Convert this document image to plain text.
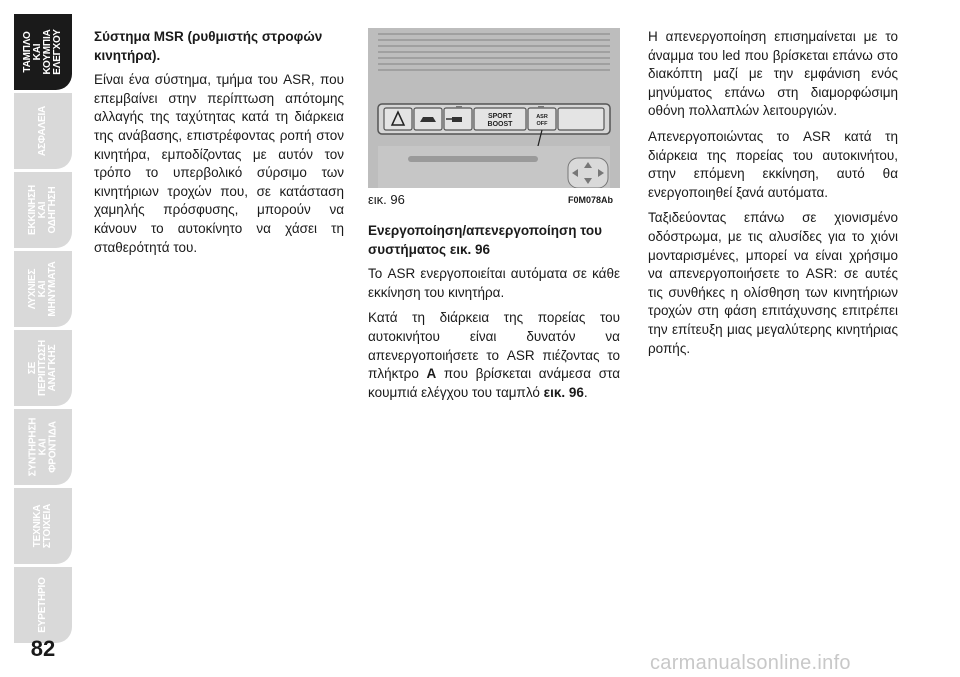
ΤΑΜΠΛΟ ΚΑΙ
ΚΟΥΜΠΙΑ
ΕΛΕΓΧΟΥ
ΑΣΦΑΛΕΙΑ
ΕΚΚΙΝΗΣΗ
ΚΑΙ ΟΔΗΓΗΣΗ
ΛΥΧΝΙΕΣ ΚΑΙ
ΜΗΝΥΜΑΤΑ
ΣΕ
ΠΕΡΙΠΤΩΣΗ
ΑΝΑΓΚΗΣ
ΣΥΝΤΗΡΗΣΗ
ΚΑΙ ΦΡΟΝΤΙΔΑ
ΤΕΧΝΙΚΑ
ΣΤΟΙΧΕΙΑ
ΕΥΡΕΤΗΡΙΟ
82
Σύστημα MSR (ρυθμιστής στροφών κινητήρα).

Είναι ένα σύστημα, τμήμα του ASR, που επεμβαίνει στην περίπτωση απότομης αλλαγής της ταχύτητας κατά τη διάρκεια της ανάβασης, επιστρέφοντας ροπή στον κινητήρα, εμποδίζοντας με αυτόν τον τρόπο το υπερβολικό σύρσιμο των κινητήριων τροχών που, σε κατάσταση χαμηλής πρόσφυσης, μπορούν να κάνουν το αυτοκίνητο να χάσει τη σταθερότητά του.

SPORT
BOOST
ASR
OFF
εικ. 96	F0M078Ab
Ενεργοποίηση/απενεργοποίηση του συστήματος εικ. 96

Το ASR ενεργοποιείται αυτόματα σε κάθε εκκίνηση του κινητήρα.

Κατά τη διάρκεια της πορείας του αυτοκινήτου είναι δυνατόν να απενεργοποιήσετε το ASR πιέζοντας το πλήκτρο A που βρίσκεται ανάμεσα στα κουμπιά ελέγχου του ταμπλό εικ. 96.

Η απενεργοποίηση επισημαίνεται με το άναμμα του led που βρίσκεται επάνω στο διακόπτη μαζί με την εμφάνιση ενός μηνύματος επάνω στη διαμορφώσιμη οθόνη πολλαπλών λειτουργιών.

Απενεργοποιώντας το ASR κατά τη διάρκεια της πορείας του αυτοκινήτου, στην επόμενη εκκίνηση, αυτό θα ενεργοποιηθεί ξανά αυτόματα.

Ταξιδεύοντας επάνω σε χιονισμένο οδόστρωμα, με τις αλυσίδες για το χιόνι μονταρισμένες, μπορεί να είναι χρήσιμο να απενεργοποιήσετε το ASR: σε αυτές τις συνθήκες η ολίσθηση των κινητήριων τροχών στη φάση επιτάχυνσης επιτρέπει την επίτευξη μιας μεγαλύτερης κινητήριας ροπής.

carmanualsonline.info
